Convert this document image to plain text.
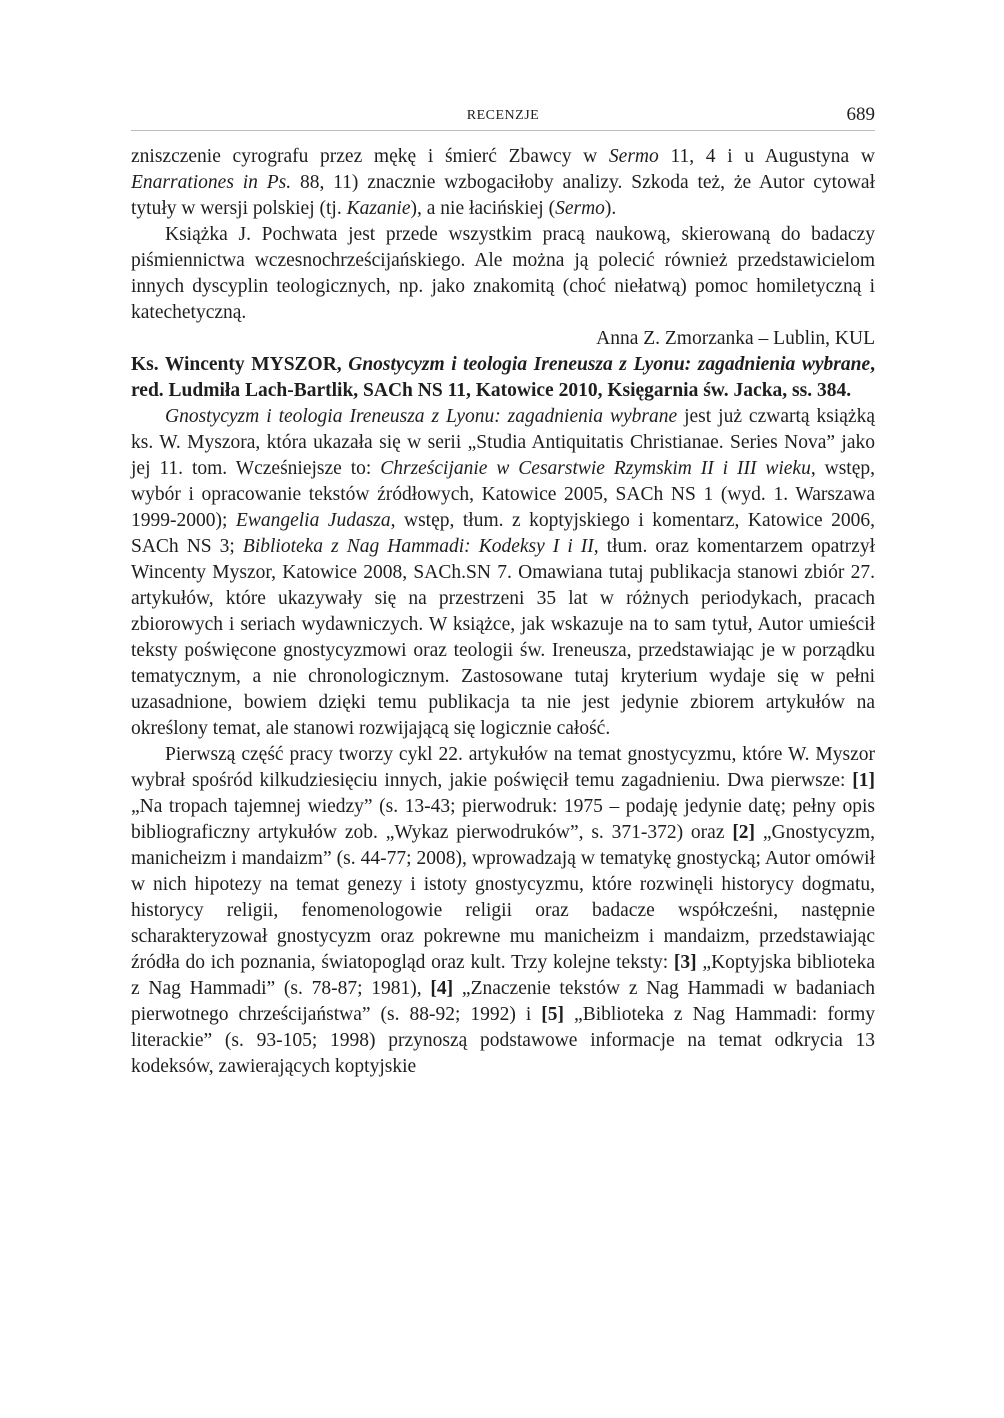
RECENZJE	689

zniszczenie cyrografu przez mękę i śmierć Zbawcy w Sermo 11, 4 i u Augustyna w Enarrationes in Ps. 88, 11) znacznie wzbogaciłoby analizy. Szkoda też, że Autor cytował tytuły w wersji polskiej (tj. Kazanie), a nie łacińskiej (Sermo).

Książka J. Pochwata jest przede wszystkim pracą naukową, skierowaną do badaczy piśmiennictwa wczesnochrześcijańskiego. Ale można ją polecić również przedstawicielom innych dyscyplin teologicznych, np. jako znakomitą (choć niełatwą) pomoc homiletyczną i katechetyczną.

Anna Z. Zmorzanka – Lublin, KUL

Ks. Wincenty MYSZOR, Gnostycyzm i teologia Ireneusza z Lyonu: zagadnienia wybrane, red. Ludmiła Lach-Bartlik, SACh NS 11, Katowice 2010, Księgarnia św. Jacka, ss. 384.

Gnostycyzm i teologia Ireneusza z Lyonu: zagadnienia wybrane jest już czwartą książką ks. W. Myszora, która ukazała się w serii „Studia Antiquitatis Christianae. Series Nova” jako jej 11. tom. Wcześniejsze to: Chrześcijanie w Cesarstwie Rzymskim II i III wieku, wstęp, wybór i opracowanie tekstów źródłowych, Katowice 2005, SACh NS 1 (wyd. 1. Warszawa 1999-2000); Ewangelia Judasza, wstęp, tłum. z koptyjskiego i komentarz, Katowice 2006, SACh NS 3; Biblioteka z Nag Hammadi: Kodeksy I i II, tłum. oraz komentarzem opatrzył Wincenty Myszor, Katowice 2008, SACh.SN 7. Omawiana tutaj publikacja stanowi zbiór 27. artykułów, które ukazywały się na przestrzeni 35 lat w różnych periodykach, pracach zbiorowych i seriach wydawniczych. W książce, jak wskazuje na to sam tytuł, Autor umieścił teksty poświęcone gnostycyzmowi oraz teologii św. Ireneusza, przedstawiając je w porządku tematycznym, a nie chronologicznym. Zastosowane tutaj kryterium wydaje się w pełni uzasadnione, bowiem dzięki temu publikacja ta nie jest jedynie zbiorem artykułów na określony temat, ale stanowi rozwijającą się logicznie całość.

Pierwszą część pracy tworzy cykl 22. artykułów na temat gnostycyzmu, które W. Myszor wybrał spośród kilkudziesięciu innych, jakie poświęcił temu zagadnieniu. Dwa pierwsze: [1] „Na tropach tajemnej wiedzy” (s. 13-43; pierwodruk: 1975 – podaję jedynie datę; pełny opis bibliograficzny artykułów zob. „Wykaz pierwodruków”, s. 371-372) oraz [2] „Gnostycyzm, manicheizm i mandaizm” (s. 44-77; 2008), wprowadzają w tematykę gnostycką; Autor omówił w nich hipotezy na temat genezy i istoty gnostycyzmu, które rozwinęli historycy dogmatu, historycy religii, fenomenologowie religii oraz badacze współcześni, następnie scharakteryzował gnostycyzm oraz pokrewne mu manicheizm i mandaizm, przedstawiając źródła do ich poznania, światopogląd oraz kult. Trzy kolejne teksty: [3] „Koptyjska biblioteka z Nag Hammadi” (s. 78-87; 1981), [4] „Znaczenie tekstów z Nag Hammadi w badaniach pierwotnego chrześcijaństwa” (s. 88-92; 1992) i [5] „Biblioteka z Nag Hammadi: formy literackie” (s. 93-105; 1998) przynoszą podstawowe informacje na temat odkrycia 13 kodeksów, zawierających koptyjskie
